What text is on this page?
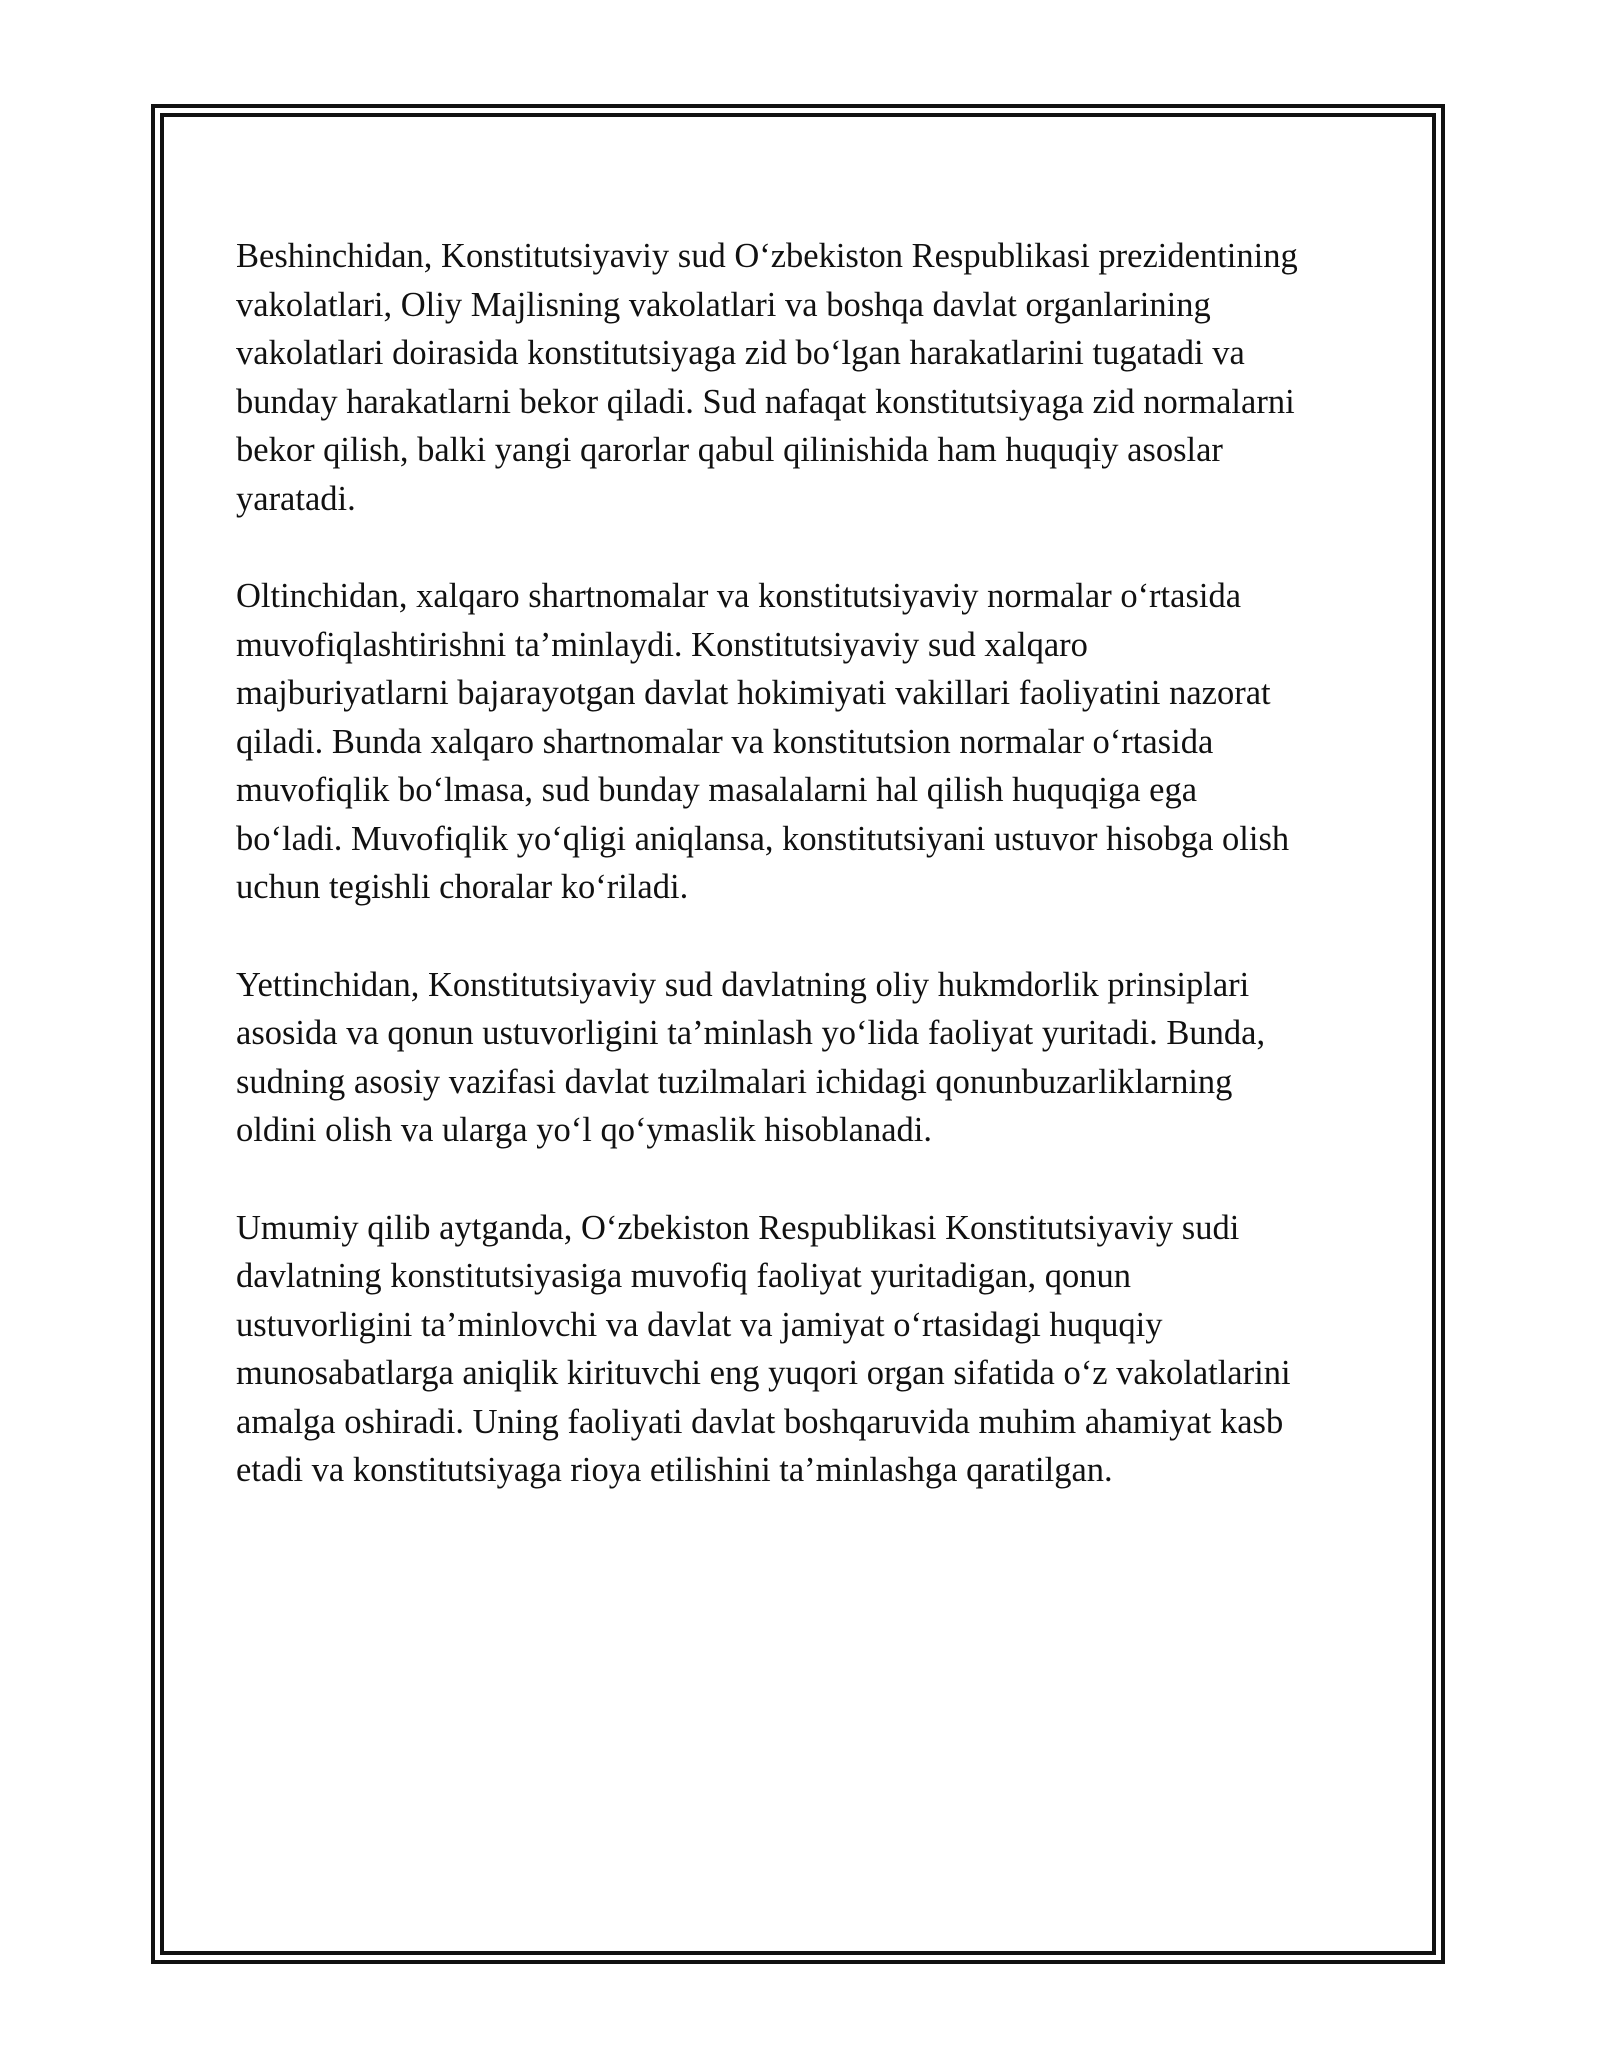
Beshinchidan, Konstitutsiyaviy sud O‘zbekiston Respublikasi prezidentining
vakolatlari, Oliy Majlisning vakolatlari va boshqa davlat organlarining
vakolatlari doirasida konstitutsiyaga zid bo‘lgan harakatlarini tugatadi va
bunday harakatlarni bekor qiladi. Sud nafaqat konstitutsiyaga zid normalarni
bekor qilish, balki yangi qarorlar qabul qilinishida ham huquqiy asoslar
yaratadi.

Oltinchidan, xalqaro shartnomalar va konstitutsiyaviy normalar o‘rtasida
muvofiqlashtirishni ta’minlaydi. Konstitutsiyaviy sud xalqaro
majburiyatlarni bajarayotgan davlat hokimiyati vakillari faoliyatini nazorat
qiladi. Bunda xalqaro shartnomalar va konstitutsion normalar o‘rtasida
muvofiqlik bo‘lmasa, sud bunday masalalarni hal qilish huquqiga ega
bo‘ladi. Muvofiqlik yo‘qligi aniqlansa, konstitutsiyani ustuvor hisobga olish
uchun tegishli choralar ko‘riladi.

Yettinchidan, Konstitutsiyaviy sud davlatning oliy hukmdorlik prinsiplari
asosida va qonun ustuvorligini ta’minlash yo‘lida faoliyat yuritadi. Bunda,
sudning asosiy vazifasi davlat tuzilmalari ichidagi qonunbuzarliklarning
oldini olish va ularga yo‘l qo‘ymaslik hisoblanadi.

Umumiy qilib aytganda, O‘zbekiston Respublikasi Konstitutsiyaviy sudi
davlatning konstitutsiyasiga muvofiq faoliyat yuritadigan, qonun
ustuvorligini ta’minlovchi va davlat va jamiyat o‘rtasidagi huquqiy
munosabatlarga aniqlik kirituvchi eng yuqori organ sifatida o‘z vakolatlarini
amalga oshiradi. Uning faoliyati davlat boshqaruvida muhim ahamiyat kasb
etadi va konstitutsiyaga rioya etilishini ta’minlashga qaratilgan.
